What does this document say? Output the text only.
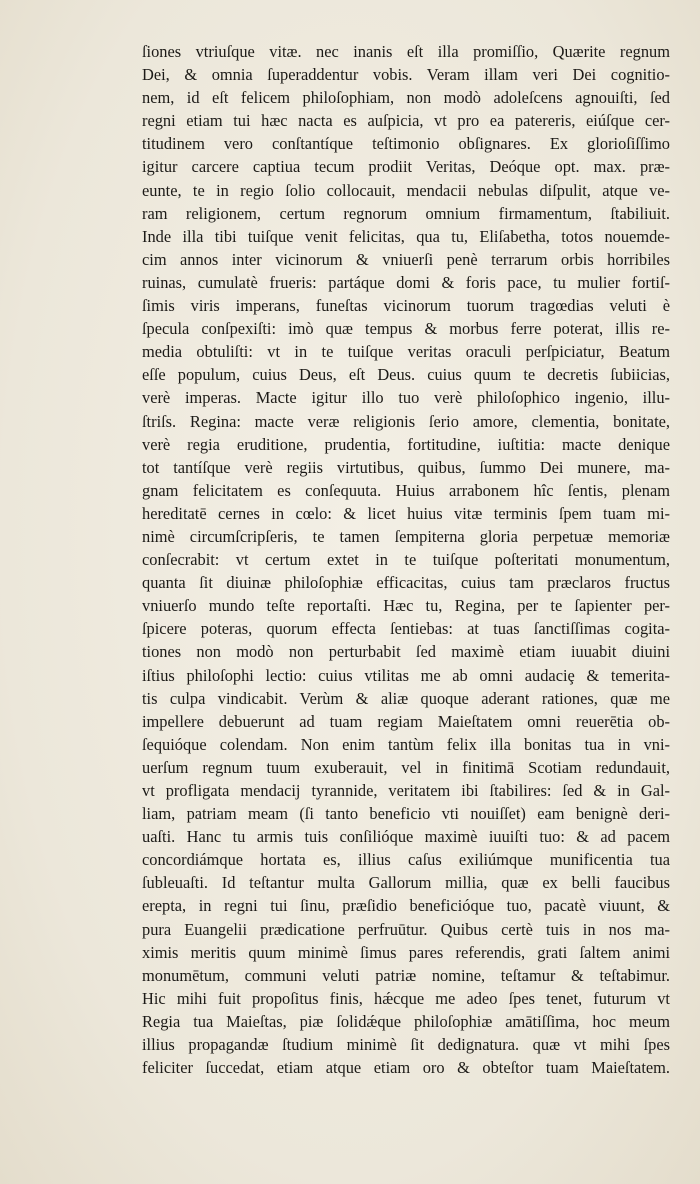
ſiones vtriuſque vitæ. nec inanis eſt illa promiſſio, Quærite regnum
Dei, & omnia ſuperaddentur vobis. Veram illam veri Dei cognitio-
nem, id eſt felicem philoſophiam, non modò adoleſcens agnouiſti, ſed
regni etiam tui hæc nacta es auſpicia, vt pro ea patereris, eiúſque cer-
titudinem vero conſtantíque teſtimonio obſignares. Ex glorioſiſſimo
igitur carcere captiua tecum prodiit Veritas, Deóque opt. max. præ-
eunte, te in regio ſolio collocauit, mendacii nebulas diſpulit, atque ve-
ram religionem, certum regnorum omnium firmamentum, ſtabiliuit.
Inde illa tibi tuiſque venit felicitas, qua tu, Eliſabetha, totos nouemde-
cim annos inter vicinorum & vniuerſi penè terrarum orbis horribiles
ruinas, cumulatè frueris: partáque domi & foris pace, tu mulier fortiſ-
ſimis viris imperans, funeſtas vicinorum tuorum tragœdias veluti è
ſpecula conſpexiſti: imò quæ tempus & morbus ferre poterat, illis re-
media obtuliſti: vt in te tuiſque veritas oraculi perſpiciatur, Beatum
eſſe populum, cuius Deus, eſt Deus. cuius quum te decretis ſubiicias,
verè imperas. Macte igitur illo tuo verè philoſophico ingenio, illu-
ſtriſs. Regina: macte veræ religionis ſerio amore, clementia, bonitate,
verè regia eruditione, prudentia, fortitudine, iuſtitia: macte denique
tot tantíſque verè regiis virtutibus, quibus, ſummo Dei munere, ma-
gnam felicitatem es conſequuta. Huius arrabonem hîc ſentis, plenam
hereditatē cernes in cœlo: & licet huius vitæ terminis ſpem tuam mi-
nimè circumſcripſeris, te tamen ſempiterna gloria perpetuæ memoriæ
conſecrabit: vt certum extet in te tuiſque poſteritati monumentum,
quanta ſit diuinæ philoſophiæ efficacitas, cuius tam præclaros fructus
vniuerſo mundo teſte reportaſti. Hæc tu, Regina, per te ſapienter per-
ſpicere poteras, quorum effecta ſentiebas: at tuas ſanctiſſimas cogita-
tiones non modò non perturbabit ſed maximè etiam iuuabit diuini
iſtius philoſophi lectio: cuius vtilitas me ab omni audaciȩ & temerita-
tis culpa vindicabit. Verùm & aliæ quoque aderant rationes, quæ me
impellere debuerunt ad tuam regiam Maieſtatem omni reuerētia ob-
ſequióque colendam. Non enim tantùm felix illa bonitas tua in vni-
uerſum regnum tuum exuberauit, vel in finitimā Scotiam redundauit,
vt profligata mendacij tyrannide, veritatem ibi ſtabilires: ſed & in Gal-
liam, patriam meam (ſi tanto beneficio vti nouiſſet) eam benignè deri-
uaſti. Hanc tu armis tuis conſilióque maximè iuuiſti tuo: & ad pacem
concordiámque hortata es, illius caſus exiliúmque munificentia tua
ſubleuaſti. Id teſtantur multa Gallorum millia, quæ ex belli faucibus
erepta, in regni tui ſinu, præſidio beneficióque tuo, pacatè viuunt, &
pura Euangelii prædicatione perfruūtur. Quibus certè tuis in nos ma-
ximis meritis quum minimè ſimus pares referendis, grati ſaltem animi
monumētum, communi veluti patriæ nomine, teſtamur & teſtabimur.
Hic mihi fuit propoſitus finis, hǽcque me adeo ſpes tenet, futurum vt
Regia tua Maieſtas, piæ ſolidǽque philoſophiæ amātiſſima, hoc meum
illius propagandæ ſtudium minimè ſit dedignatura. quæ vt mihi ſpes
feliciter ſuccedat, etiam atque etiam oro & obteſtor tuam Maieſtatem.
